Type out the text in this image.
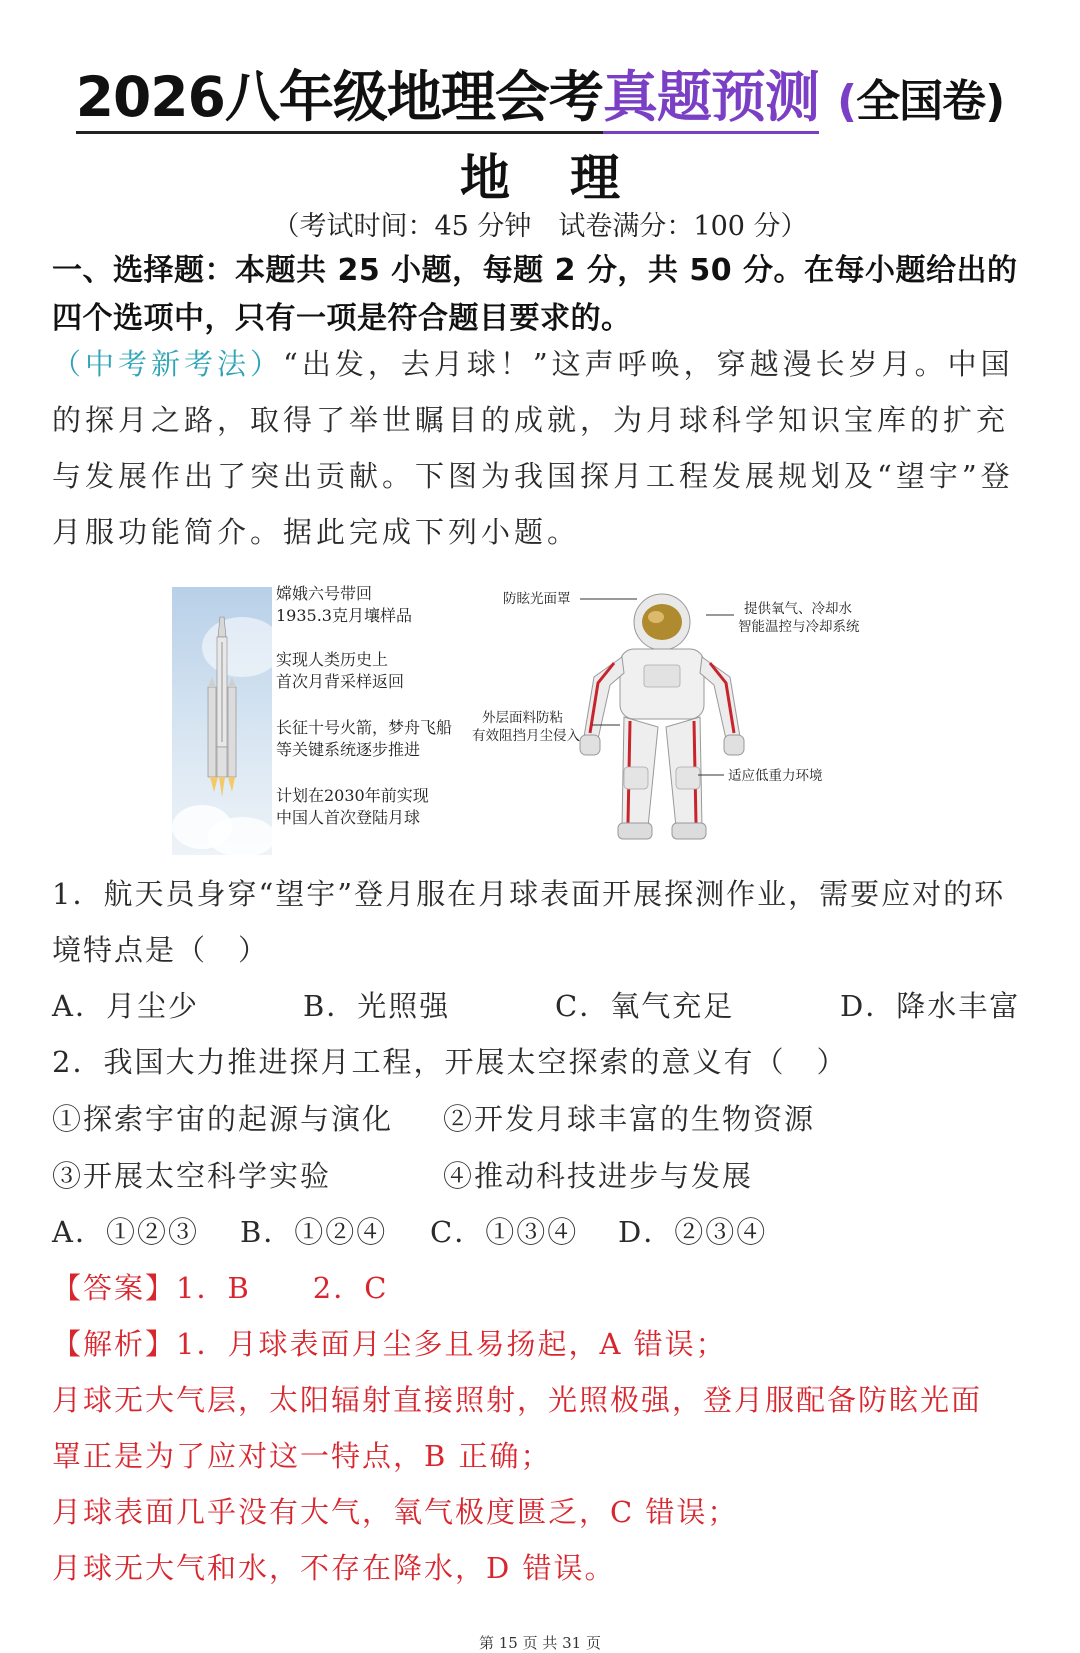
2026八年级地理会考真题预测 (全国卷)
地理
（考试时间：45 分钟　试卷满分：100 分）
一、选择题：本题共 25 小题，每题 2 分，共 50 分。在每小题给出的四个选项中，只有一项是符合题目要求的。
（中考新考法）“出发，去月球！”这声呼唤，穿越漫长岁月。中国的探月之路，取得了举世瞩目的成就，为月球科学知识宝库的扩充与发展作出了突出贡献。下图为我国探月工程发展规划及“望宇”登月服功能简介。据此完成下列小题。
嫦娥六号带回
1935.3克月壤样品
实现人类历史上
首次月背采样返回
长征十号火箭，梦舟飞船
等关键系统逐步推进
计划在2030年前实现
中国人首次登陆月球
防眩光面罩
提供氧气、冷却水
智能温控与冷却系统
外层面料防粘
有效阻挡月尘侵入
适应低重力环境
1．航天员身穿“望宇”登月服在月球表面开展探测作业，需要应对的环
境特点是（　）
A．月尘少	B．光照强	C．氧气充足	D．降水丰富
2．我国大力推进探月工程，开展太空探索的意义有（　）
①探索宇宙的起源与演化 ②开发月球丰富的生物资源
③开展太空科学实验	④推动科技进步与发展
A．①②③ B．①②④ C．①③④ D．②③④
【答案】1．B　　2．C
【解析】1．月球表面月尘多且易扬起，A 错误；
月球无大气层，太阳辐射直接照射，光照极强，登月服配备防眩光面
罩正是为了应对这一特点，B 正确；
月球表面几乎没有大气，氧气极度匮乏，C 错误；
月球无大气和水，不存在降水，D 错误。
第 15 页 共 31 页
